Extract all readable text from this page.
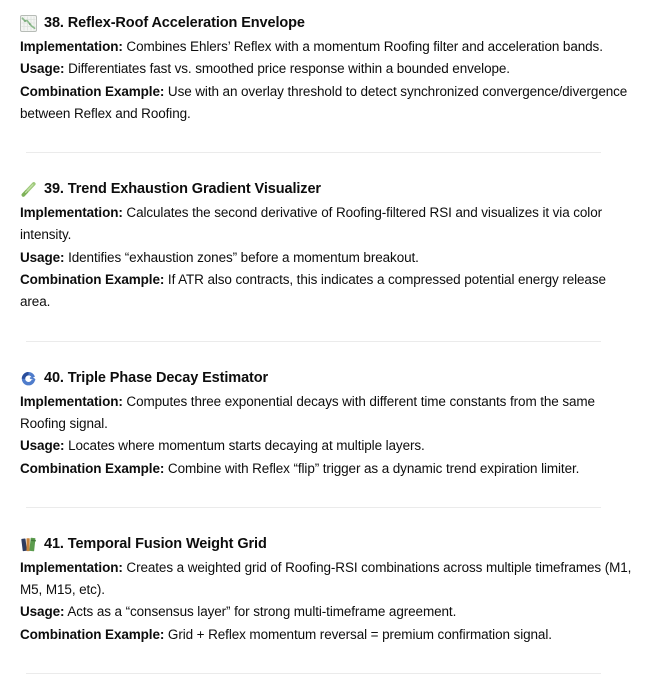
38. Reflex-Roof Acceleration Envelope

Implementation: Combines Ehlers’ Reflex with a momentum Roofing filter and acceleration bands.

Usage: Differentiates fast vs. smoothed price response within a bounded envelope.

Combination Example: Use with an overlay threshold to detect synchronized convergence/divergence between Reflex and Roofing.

39. Trend Exhaustion Gradient Visualizer

Implementation: Calculates the second derivative of Roofing-filtered RSI and visualizes it via color intensity.

Usage: Identifies “exhaustion zones” before a momentum breakout.

Combination Example: If ATR also contracts, this indicates a compressed potential energy release area.

40. Triple Phase Decay Estimator

Implementation: Computes three exponential decays with different time constants from the same Roofing signal.

Usage: Locates where momentum starts decaying at multiple layers.

Combination Example: Combine with Reflex “flip” trigger as a dynamic trend expiration limiter.

41. Temporal Fusion Weight Grid

Implementation: Creates a weighted grid of Roofing-RSI combinations across multiple timeframes (M1, M5, M15, etc).

Usage: Acts as a “consensus layer” for strong multi-timeframe agreement.

Combination Example: Grid + Reflex momentum reversal = premium confirmation signal.
